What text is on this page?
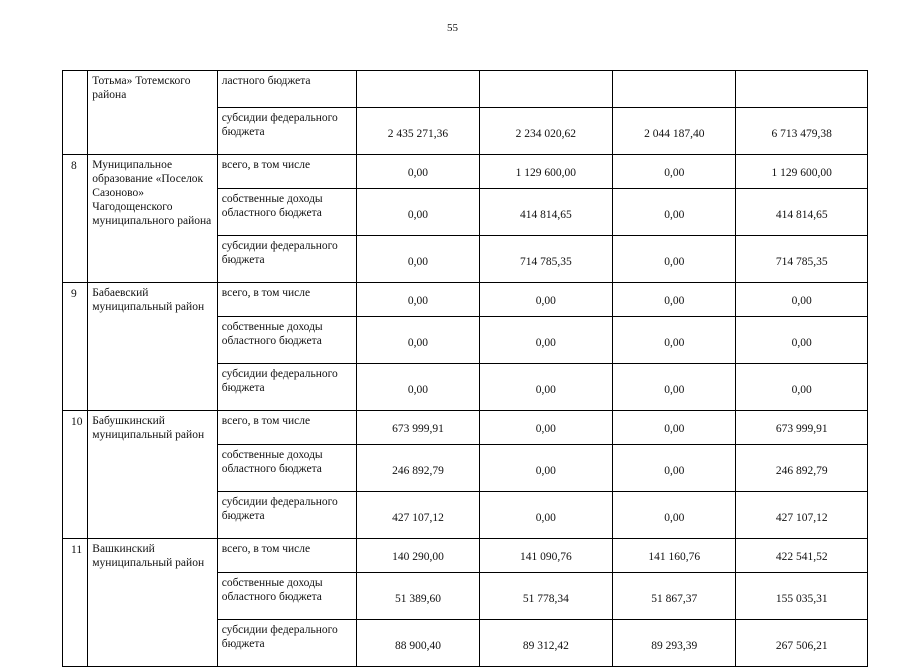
55
	Тотьма» Тотемского района	ластного бюджета				
		субсидии федерального бюджета	2 435 271,36	2 234 020,62	2 044 187,40	6 713 479,38
8	Муниципальное образование «Поселок Сазоново» Чагодощенского муниципального района	всего, в том числе	0,00	1 129 600,00	0,00	1 129 600,00
		собственные доходы областного бюджета	0,00	414 814,65	0,00	414 814,65
		субсидии федерального бюджета	0,00	714 785,35	0,00	714 785,35
9	Бабаевский муниципальный район	всего, в том числе	0,00	0,00	0,00	0,00
		собственные доходы областного бюджета	0,00	0,00	0,00	0,00
		субсидии федерального бюджета	0,00	0,00	0,00	0,00
10	Бабушкинский муниципальный район	всего, в том числе	673 999,91	0,00	0,00	673 999,91
		собственные доходы областного бюджета	246 892,79	0,00	0,00	246 892,79
		субсидии федерального бюджета	427 107,12	0,00	0,00	427 107,12
11	Вашкинский муниципальный район	всего, в том числе	140 290,00	141 090,76	141 160,76	422 541,52
		собственные доходы областного бюджета	51 389,60	51 778,34	51 867,37	155 035,31
		субсидии федерального бюджета	88 900,40	89 312,42	89 293,39	267 506,21
